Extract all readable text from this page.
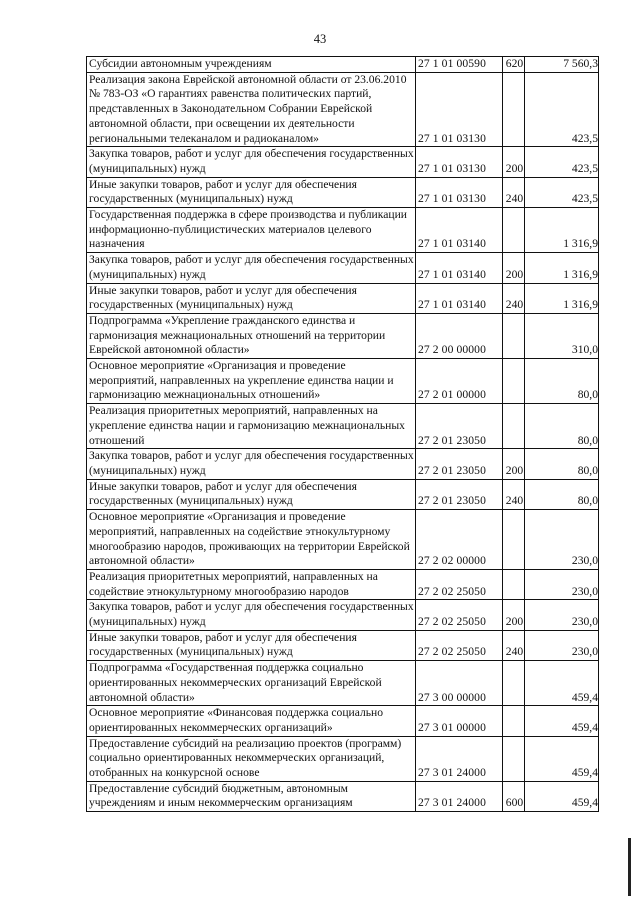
43
Субсидии автономным учреждениям	27 1 01 00590	620	7 560,3
Реализация закона Еврейской автономной области от 23.06.2010 № 783-ОЗ «О гарантиях равенства политических партий, представленных в Законодательном Собрании Еврейской автономной области, при освещении их деятельности региональными телеканалом и радиоканалом»	27 1 01 03130		423,5
Закупка товаров, работ и услуг для обеспечения государственных (муниципальных) нужд	27 1 01 03130	200	423,5
Иные закупки товаров, работ и услуг для обеспечения государственных (муниципальных) нужд	27 1 01 03130	240	423,5
Государственная поддержка в сфере производства и публикации информационно-публицистических материалов целевого назначения	27 1 01 03140		1 316,9
Закупка товаров, работ и услуг для обеспечения государственных (муниципальных) нужд	27 1 01 03140	200	1 316,9
Иные закупки товаров, работ и услуг для обеспечения государственных (муниципальных) нужд	27 1 01 03140	240	1 316,9
Подпрограмма «Укрепление гражданского единства и гармонизация межнациональных отношений на территории Еврейской автономной области»	27 2 00 00000		310,0
Основное мероприятие «Организация и проведение мероприятий, направленных на укрепление единства нации и гармонизацию межнациональных отношений»	27 2 01 00000		80,0
Реализация приоритетных мероприятий, направленных на укрепление единства нации и гармонизацию межнациональных отношений	27 2 01 23050		80,0
Закупка товаров, работ и услуг для обеспечения государственных (муниципальных) нужд	27 2 01 23050	200	80,0
Иные закупки товаров, работ и услуг для обеспечения государственных (муниципальных) нужд	27 2 01 23050	240	80,0
Основное мероприятие «Организация и проведение мероприятий, направленных на содействие этнокультурному многообразию народов, проживающих на территории Еврейской автономной области»	27 2 02 00000		230,0
Реализация приоритетных мероприятий, направленных на содействие этнокультурному многообразию народов	27 2 02 25050		230,0
Закупка товаров, работ и услуг для обеспечения государственных (муниципальных) нужд	27 2 02 25050	200	230,0
Иные закупки товаров, работ и услуг для обеспечения государственных (муниципальных) нужд	27 2 02 25050	240	230,0
Подпрограмма «Государственная поддержка социально ориентированных некоммерческих организаций Еврейской автономной области»	27 3 00 00000		459,4
Основное мероприятие «Финансовая поддержка социально ориентированных некоммерческих организаций»	27 3 01 00000		459,4
Предоставление субсидий на реализацию проектов (программ) социально ориентированных некоммерческих организаций, отобранных на конкурсной основе	27 3 01 24000		459,4
Предоставление субсидий бюджетным, автономным учреждениям и иным некоммерческим организациям	27 3 01 24000	600	459,4
